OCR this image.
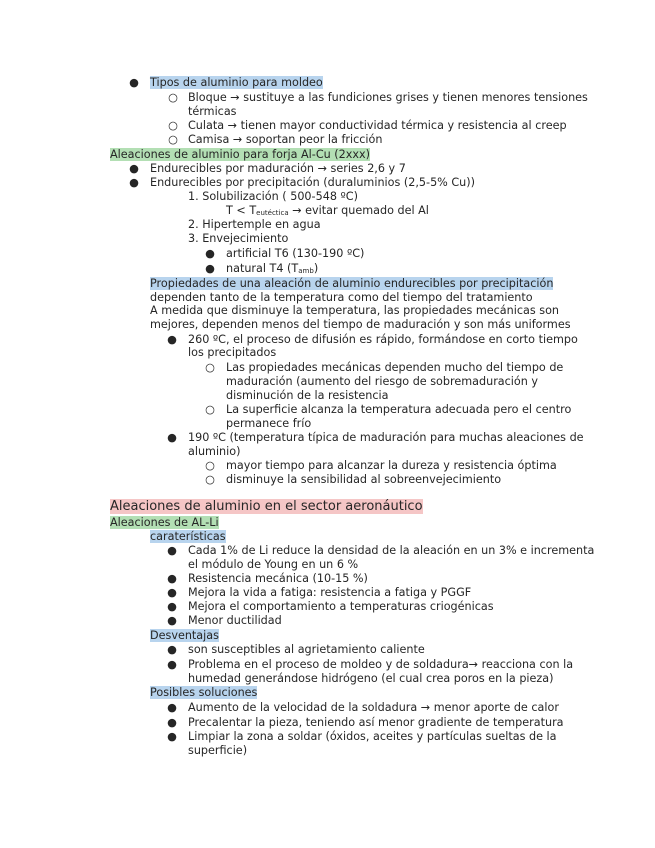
● Tipos de aluminio para moldeo
○ Bloque → sustituye a las fundiciones grises y tienen menores tensiones
térmicas
○ Culata → tienen mayor conductividad térmica y resistencia al creep
○ Camisa → soportan peor la fricción
Aleaciones de aluminio para forja Al-Cu (2xxx)
● Endurecibles por maduración → series 2,6 y 7
● Endurecibles por precipitación (duraluminios (2,5-5% Cu))
1. Solubilización ( 500-548 ºC)
$T < T_{eutéctica}$ → evitar quemado del Al
2. Hipertemple en agua
3. Envejecimiento
● artificial T6 (130-190 ºC)
● natural T4 $(T_{amb})$
Propiedades de una aleación de aluminio endurecibles por precipitación
dependen tanto de la temperatura como del tiempo del tratamiento
A medida que disminuye la temperatura, las propiedades mecánicas son
mejores, dependen menos del tiempo de maduración y son más uniformes
● 260 ºC, el proceso de difusión es rápido, formándose en corto tiempo
los precipitados
○ Las propiedades mecánicas dependen mucho del tiempo de
maduración (aumento del riesgo de sobremaduración y
disminución de la resistencia
○ La superficie alcanza la temperatura adecuada pero el centro
permanece frío
● 190 ºC (temperatura típica de maduración para muchas aleaciones de
aluminio)
○ mayor tiempo para alcanzar la dureza y resistencia óptima
○ disminuye la sensibilidad al sobreenvejecimiento
Aleaciones de aluminio en el sector aeronáutico
Aleaciones de AL-Li
caraterísticas
● Cada 1% de Li reduce la densidad de la aleación en un 3% e incrementa
el módulo de Young en un 6 %
● Resistencia mecánica (10-15 %)
● Mejora la vida a fatiga: resistencia a fatiga y PGGF
● Mejora el comportamiento a temperaturas criogénicas
● Menor ductilidad
Desventajas
● son susceptibles al agrietamiento caliente
● Problema en el proceso de moldeo y de soldadura→ reacciona con la
humedad generándose hidrógeno (el cual crea poros en la pieza)
Posibles soluciones
● Aumento de la velocidad de la soldadura → menor aporte de calor
● Precalentar la pieza, teniendo así menor gradiente de temperatura
● Limpiar la zona a soldar (óxidos, aceites y partículas sueltas de la
superficie)
